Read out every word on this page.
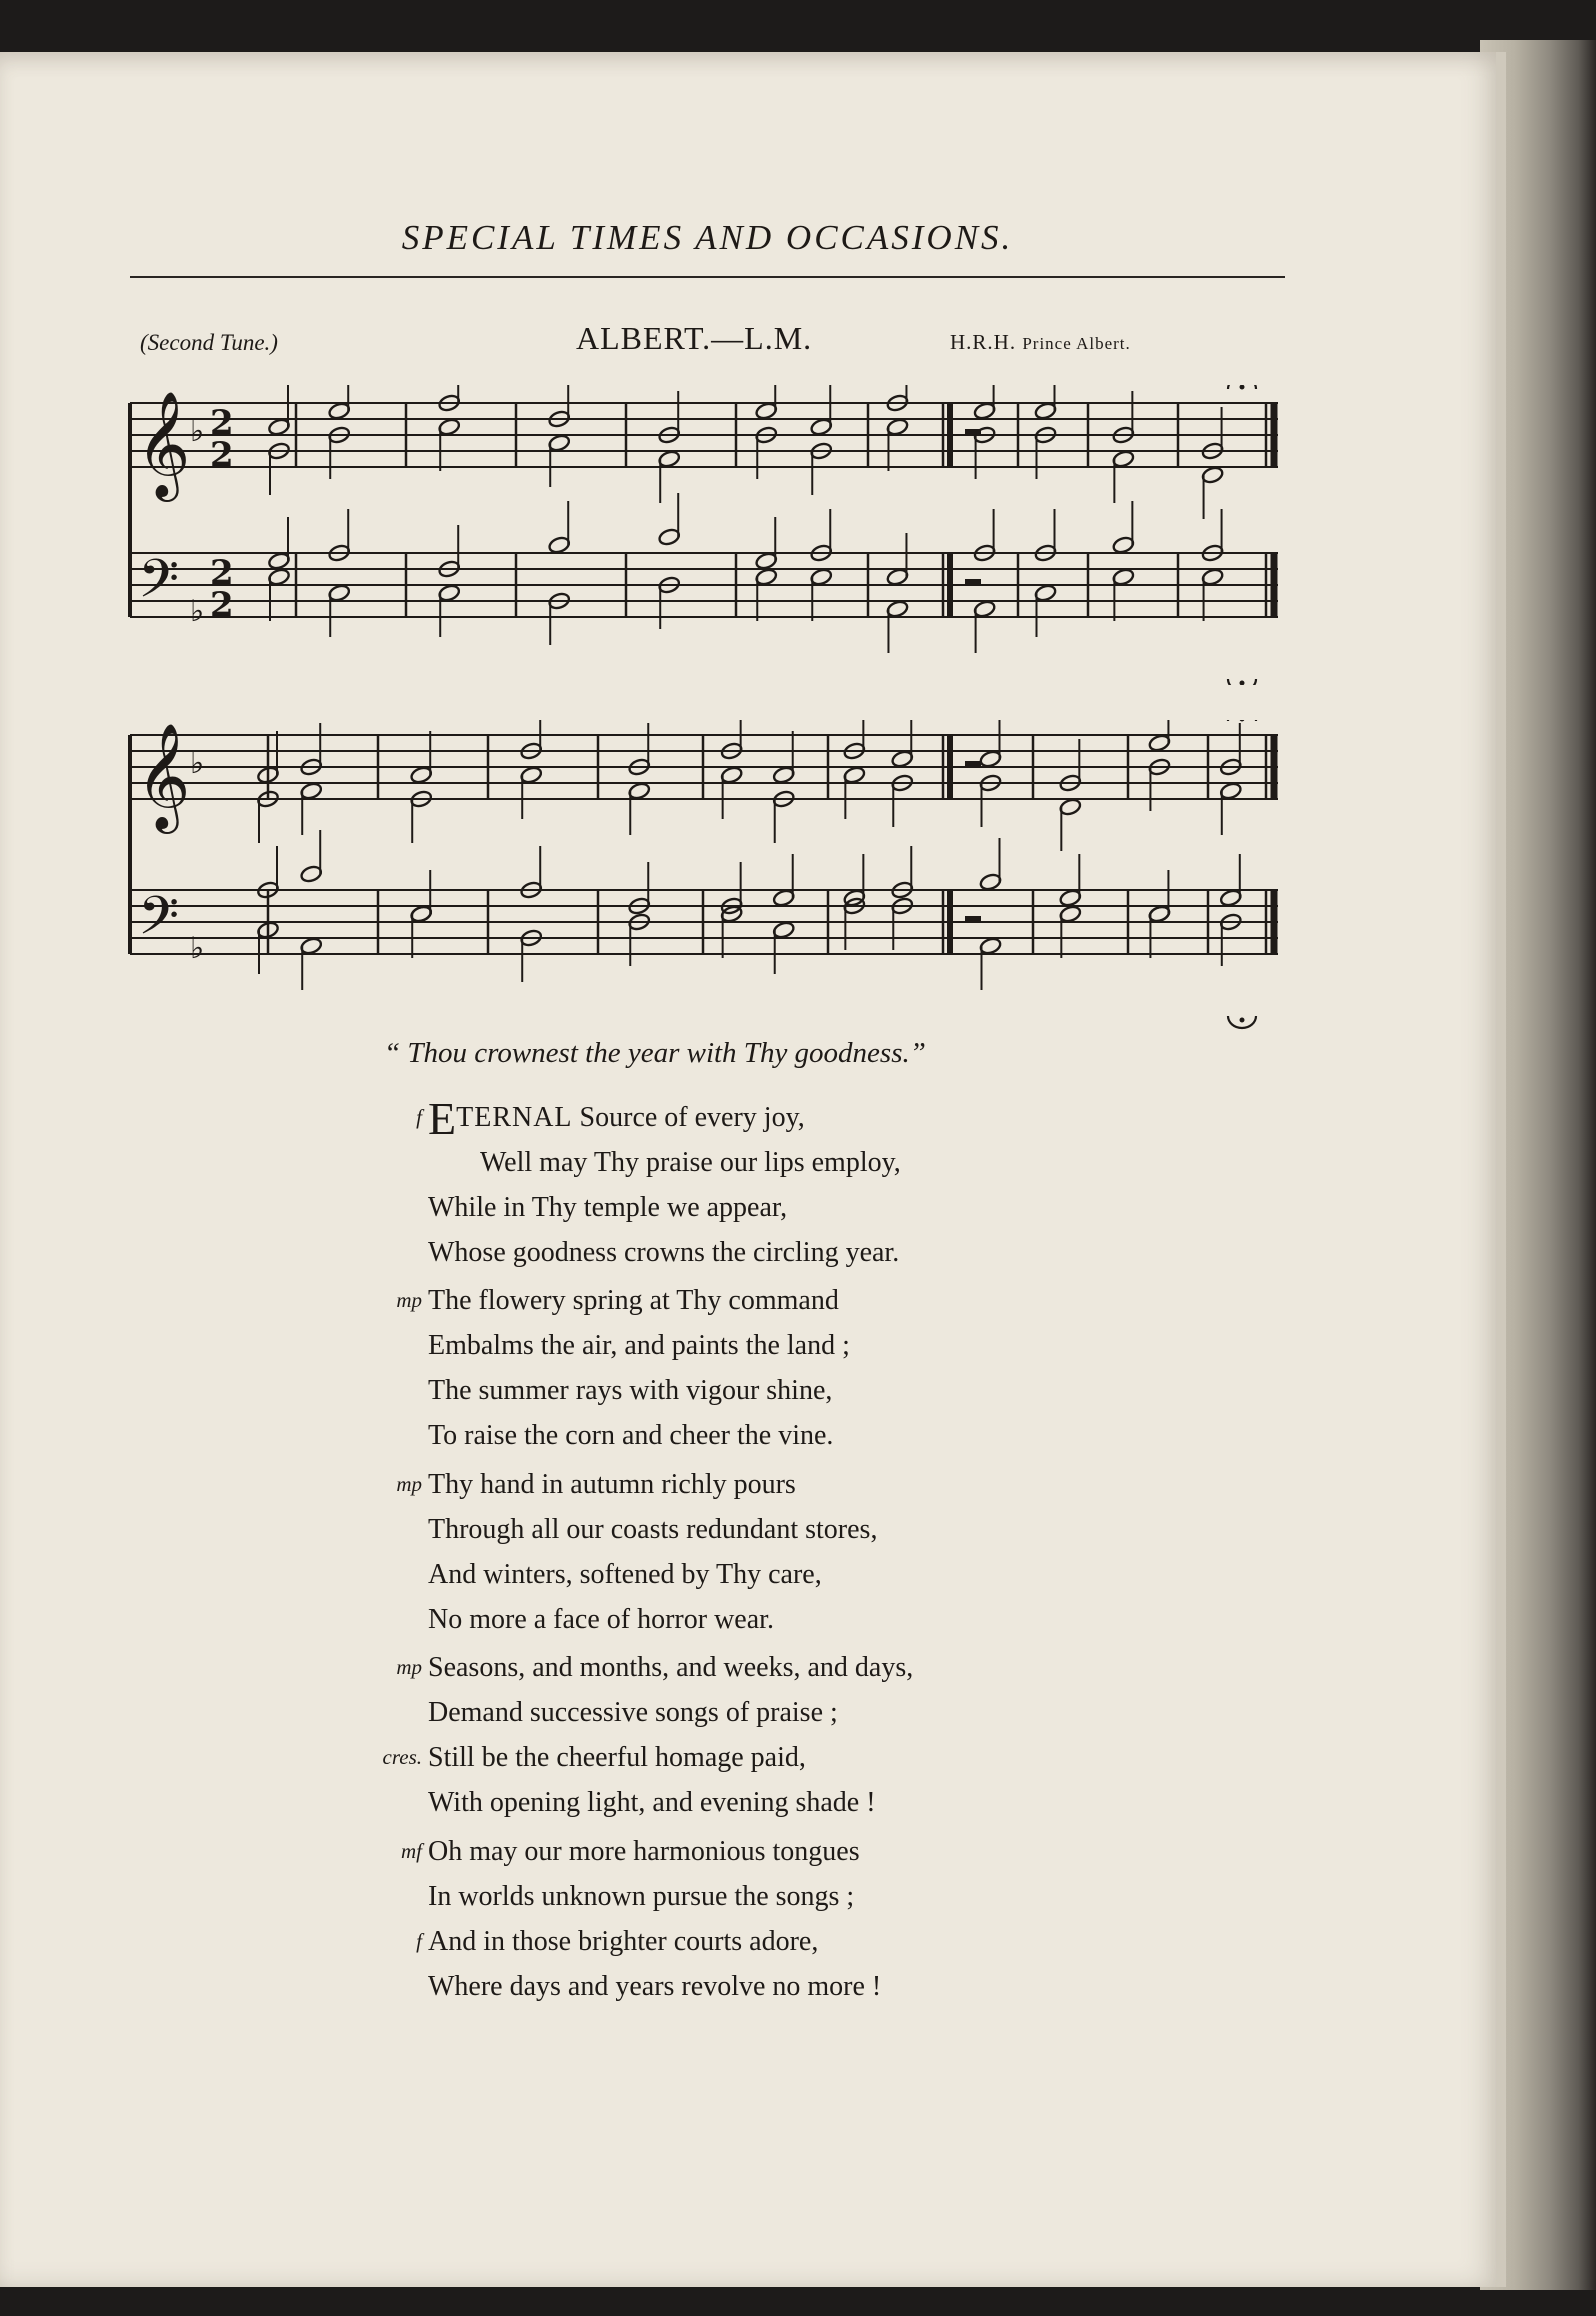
SPECIAL TIMES AND OCCASIONS.
(Second Tune.)	ALBERT.—L.M.	H.R.H. Prince Albert.
𝄞
𝄢
♭
♭
2
2
2
2
𝄞
𝄢
♭
♭
“ Thou crownest the year with Thy goodness.”
f ETERNAL Source of every joy,
Well may Thy praise our lips employ,
While in Thy temple we appear,
Whose goodness crowns the circling year.
mp The flowery spring at Thy command
Embalms the air, and paints the land ;
The summer rays with vigour shine,
To raise the corn and cheer the vine.
mp Thy hand in autumn richly pours
Through all our coasts redundant stores,
And winters, softened by Thy care,
No more a face of horror wear.
mp Seasons, and months, and weeks, and days,
Demand successive songs of praise ;
cres. Still be the cheerful homage paid,
With opening light, and evening shade !
mf Oh may our more harmonious tongues
In worlds unknown pursue the songs ;
f And in those brighter courts adore,
Where days and years revolve no more !
